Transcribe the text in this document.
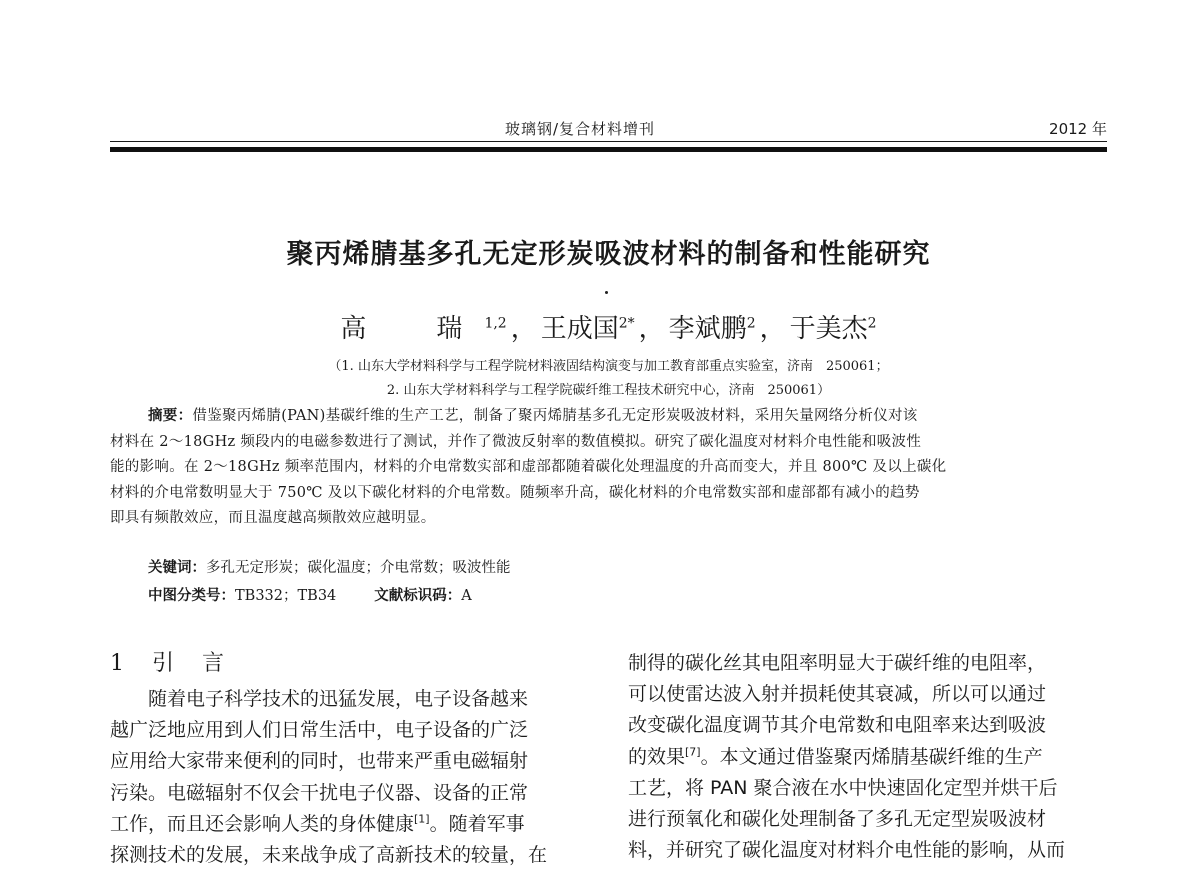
玻璃钢/复合材料增刊	2012 年
聚丙烯腈基多孔无定形炭吸波材料的制备和性能研究
高　瑞$^{1,2}$ ， 王成国$^{2*}$ ， 李斌鹏$^2$ ， 于美杰$^2$
（1. 山东大学材料科学与工程学院材料液固结构演变与加工教育部重点实验室，济南　250061；
2. 山东大学材料科学与工程学院碳纤维工程技术研究中心，济南　250061）
摘要：借鉴聚丙烯腈(PAN)基碳纤维的生产工艺，制备了聚丙烯腈基多孔无定形炭吸波材料，采用矢量网络分析仪对该
材料在 2～18GHz 频段内的电磁参数进行了测试，并作了微波反射率的数值模拟。研究了碳化温度对材料介电性能和吸波性
能的影响。在 2～18GHz 频率范围内，材料的介电常数实部和虚部都随着碳化处理温度的升高而变大，并且 800℃ 及以上碳化
材料的介电常数明显大于 750℃ 及以下碳化材料的介电常数。随频率升高，碳化材料的介电常数实部和虚部都有减小的趋势
即具有频散效应，而且温度越高频散效应越明显。
关键词：多孔无定形炭；碳化温度；介电常数；吸波性能
中图分类号：TB332；TB34	文献标识码：A
1 引 言
随着电子科学技术的迅猛发展，电子设备越来
越广泛地应用到人们日常生活中，电子设备的广泛
应用给大家带来便利的同时，也带来严重电磁辐射
污染。电磁辐射不仅会干扰电子仪器、设备的正常
工作，而且还会影响人类的身体健康[1]。随着军事
探测技术的发展，未来战争成了高新技术的较量，在
制得的碳化丝其电阻率明显大于碳纤维的电阻率，
可以使雷达波入射并损耗使其衰减，所以可以通过
改变碳化温度调节其介电常数和电阻率来达到吸波
的效果[7]。本文通过借鉴聚丙烯腈基碳纤维的生产
工艺，将 PAN 聚合液在水中快速固化定型并烘干后
进行预氧化和碳化处理制备了多孔无定型炭吸波材
料，并研究了碳化温度对材料介电性能的影响，从而
